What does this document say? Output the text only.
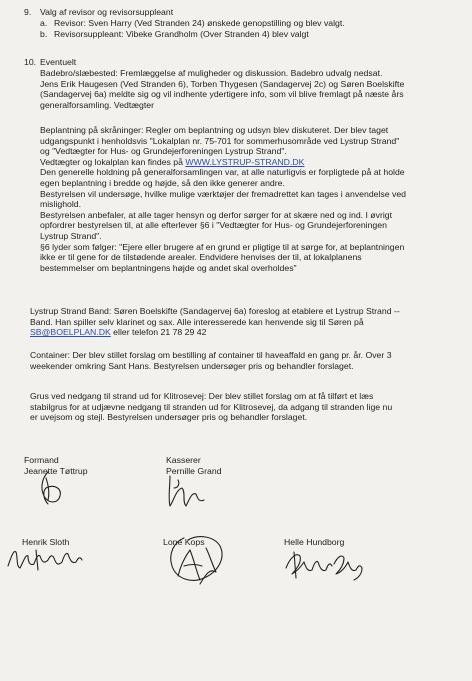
9. Valg af revisor og revisorsuppleant
a. Revisor: Sven Harry (Ved Stranden 24) ønskede genopstilling og blev valgt.
b. Revisorsuppleant: Vibeke Grandholm (Over Stranden 4) blev valgt
10. Eventuelt

Badebro/slæbested: Fremlæggelse af muligheder og diskussion. Badebro udvalg nedsat.

Jens Erik Haugesen (Ved Stranden 6), Torben Thygesen (Sandagervej 2c) og Søren Boelskifte

(Sandagervej 6a) meldte sig og vil indhente ydertigere info, som vil blive fremlagt på næste års

generalforsamling. Vedtægter

Beplantning på skråninger: Regler om beplantning og udsyn blev diskuteret. Der blev taget

udgangspunkt i henholdsvis "Lokalplan nr. 75-701 for sommerhusområde ved Lystrup Strand"

og "Vedtægter for Hus- og Grundejerforeningen Lystrup Strand".

Vedtægter og lokalplan kan findes på WWW.LYSTRUP-STRAND.DK

Den generelle holdning på generalforsamlingen var, at alle naturligvis er forpligtede på at holde

egen beplantning i bredde og højde, så den ikke generer andre.

Bestyrelsen vil undersøge, hvilke mulige værktøjer der fremadrettet kan tages i anvendelse ved

mislighold.

Bestyrelsen anbefaler, at alle tager hensyn og derfor sørger for at skære ned og ind. I øvrigt

opfordrer bestyrelsen til, at alle efterlever §6 i "Vedtægter for Hus- og Grundejerforeningen

Lystrup Strand".

§6 lyder som følger: "Ejere eller brugere af en grund er pligtige til at sørge for, at beplantningen

ikke er til gene for de tilstødende arealer. Endvidere henvises der til, at lokalplanens

bestemmelser om beplantningens højde og andet skal overholdes"

Lystrup Strand Band: Søren Boelskifte (Sandagervej 6a) foreslog at etablere et Lystrup Strand --

Band. Han spiller selv klarinet og sax. Alle interesserede kan henvende sig til Søren på

SB@BOELPLAN.DK eller telefon 21 78 29 42

Container: Der blev stillet forslag om bestilling af container til haveaffald en gang pr. år. Over 3

weekender omkring Sant Hans. Bestyrelsen undersøger pris og behandler forslaget.

Grus ved nedgang til strand ud for Klitrosevej: Der blev stillet forslag om at få tilført et læs

stabilgrus for at udjævne nedgang til stranden ud for Klitrosevej, da adgang til stranden lige nu

er uvejsom og stejl. Bestyrelsen undersøger pris og behandler forslaget.

Formand
Jeanette Tøttrup
Kasserer
Pernille Grand
Henrik Sloth	Lone Kops	Helle Hundborg
